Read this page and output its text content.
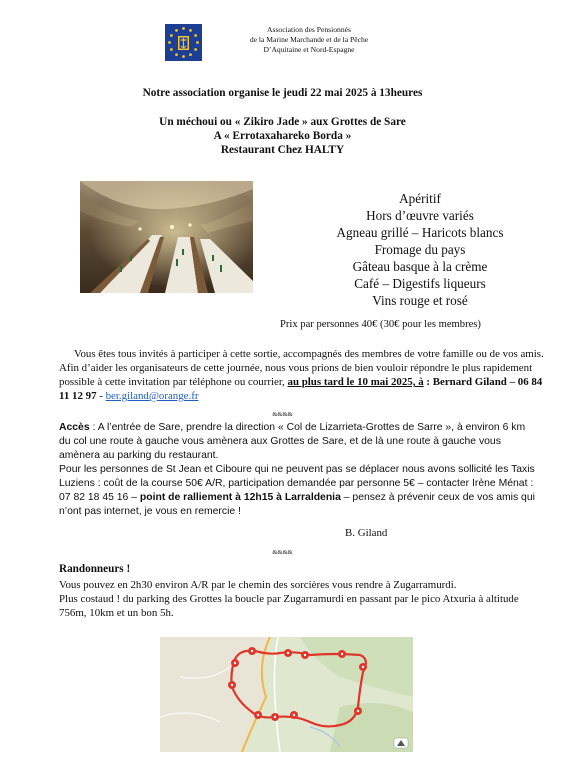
Association des Pensionnés
de la Marine Marchande et de la Pêche
D’Aquitaine et Nord-Espagne
Notre association organise le jeudi 22 mai 2025 à 13heures
Un méchoui ou « Zikiro Jade » aux Grottes de Sare
A « Errotaxahareko Borda »
Restaurant Chez HALTY
Apéritif
Hors d’œuvre variés
Agneau grillé – Haricots blancs
Fromage du pays
Gâteau basque à la crème
Café – Digestifs liqueurs
Vins rouge et rosé
Prix par personnes 40€ (30€ pour les membres)
Vous êtes tous invités à participer à cette sortie, accompagnés des membres de votre famille ou de vos amis. Afin d’aider les organisateurs de cette journée, nous vous prions de bien vouloir répondre le plus rapidement possible à cette invitation par téléphone ou courrier, au plus tard le 10 mai 2025, à : Bernard Giland – 06 84 11 12 97 - ber.giland@orange.fr
&&&&
Accès : A l’entrée de Sare, prendre la direction « Col de Lizarrieta-Grottes de Sarre », à environ 6 km du col une route à gauche vous amènera aux Grottes de Sare, et de là une route à gauche vous amènera au parking du restaurant.
Pour les personnes de St Jean et Ciboure qui ne peuvent pas se déplacer nous avons sollicité les Taxis Luziens : coût de la course 50€ A/R, participation demandée par personne 5€ – contacter Irène Ménat : 07 82 18 45 16 – point de ralliement à 12h15 à Larraldenia – pensez à prévenir ceux de vos amis qui n’ont pas internet, je vous en remercie !
B. Giland
&&&&
Randonneurs !
Vous pouvez en 2h30 environ A/R par le chemin des sorcières vous rendre à Zugarramurdi.
Plus costaud ! du parking des Grottes la boucle par Zugarramurdi en passant par le pico Atxuria à altitude 756m, 10km et un bon 5h.
